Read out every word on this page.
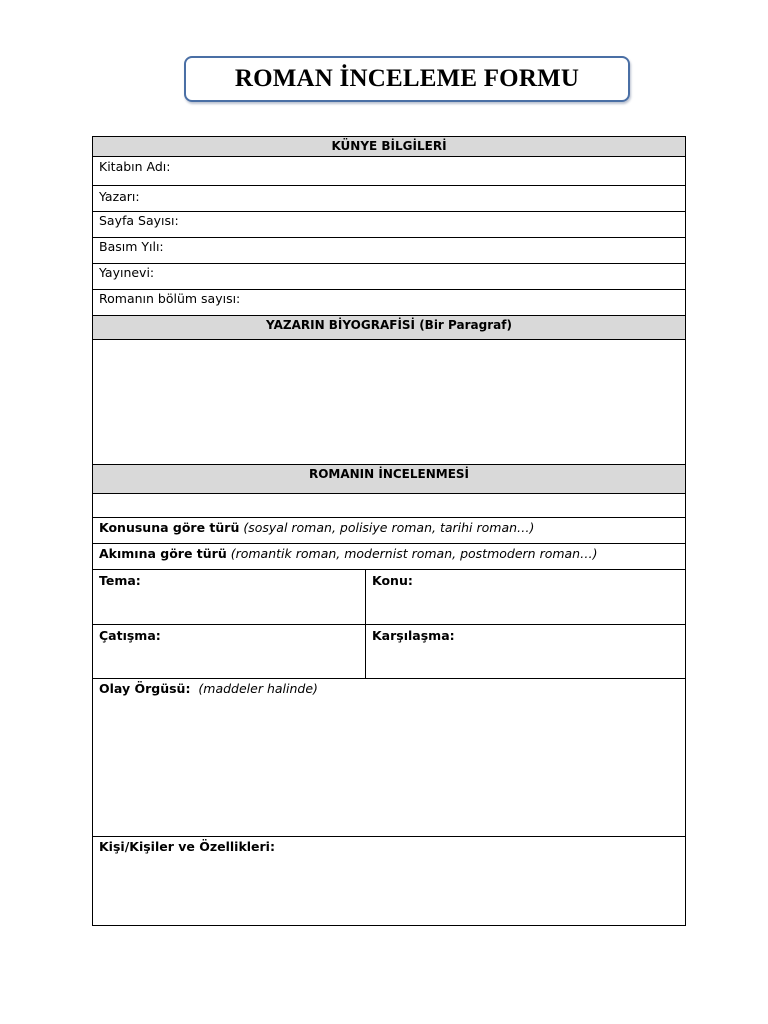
ROMAN İNCELEME FORMU
KÜNYE BİLGİLERİ
Kitabın Adı:
Yazarı:
Sayfa Sayısı:
Basım Yılı:
Yayınevi:
Romanın bölüm sayısı:
YAZARIN BİYOGRAFİSİ (Bir Paragraf)
ROMANIN İNCELENMESİ
Konusuna göre türü (sosyal roman, polisiye roman, tarihi roman…)
Akımına göre türü (romantik roman, modernist roman, postmodern roman…)
Tema:	Konu:
Çatışma:	Karşılaşma:
Olay Örgüsü: (maddeler halinde)
Kişi/Kişiler ve Özellikleri:
